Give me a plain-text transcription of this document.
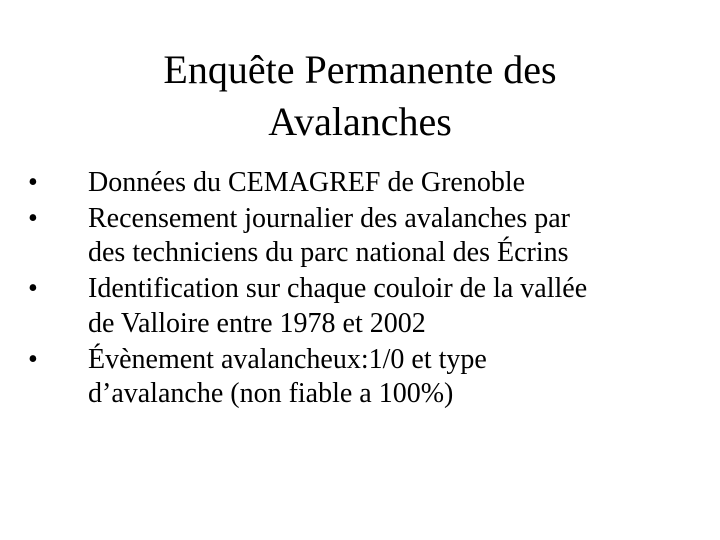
Enquête Permanente des
Avalanches
•	Données du CEMAGREF de Grenoble
•	Recensement journalier des avalanches par
des techniciens du parc national des Écrins
•	Identification sur chaque couloir de la vallée
de Valloire entre 1978 et 2002
•	Évènement avalancheux:1/0 et type
d’avalanche (non fiable a 100%)
